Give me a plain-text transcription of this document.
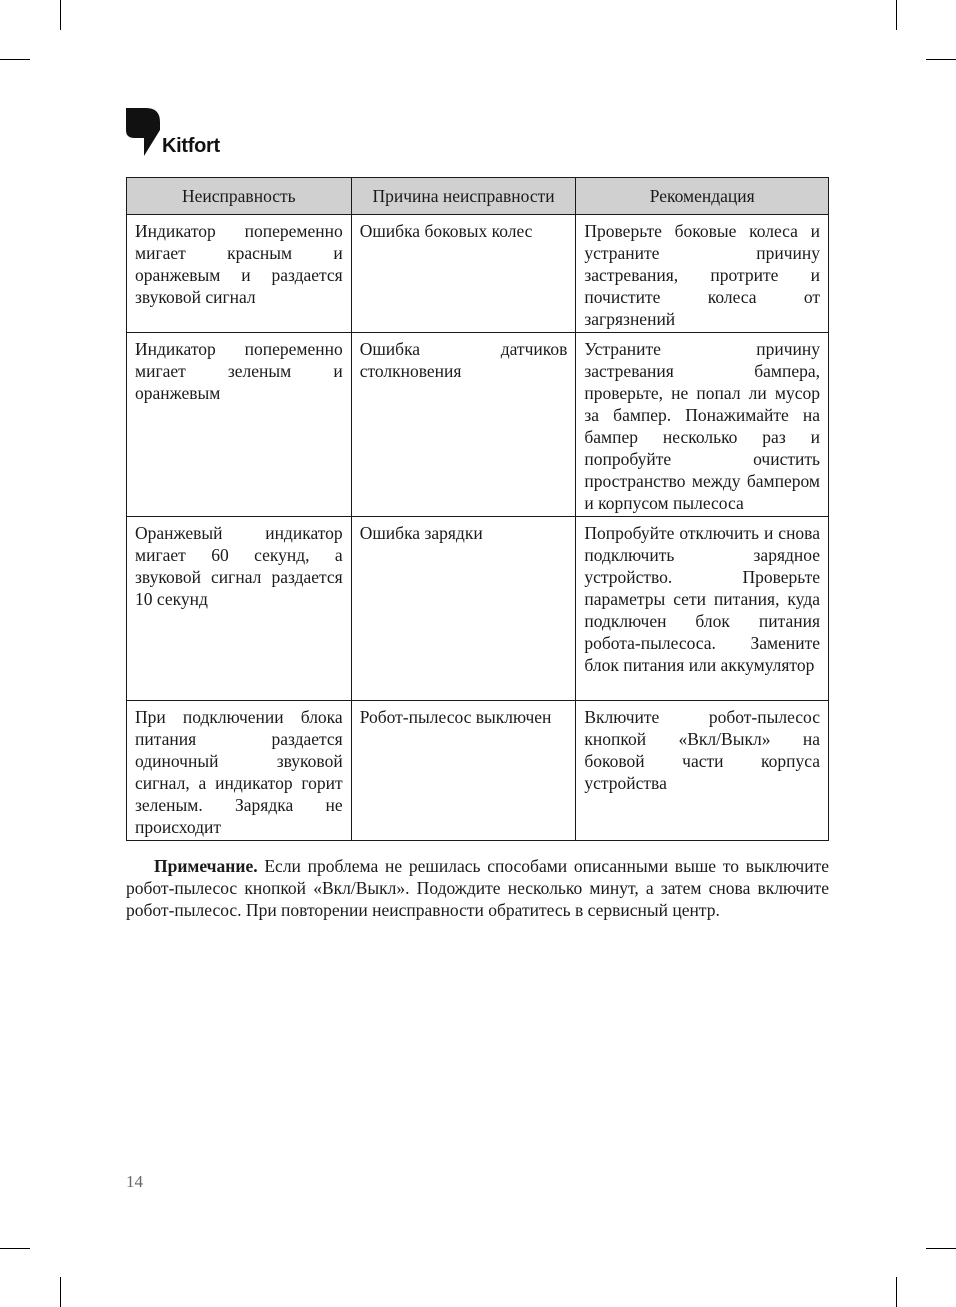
Kitfort
Неисправность	Причина неисправности	Рекомендация
Индикатор попеременно мигает красным и оранжевым и раздается звуковой сигнал	Ошибка боковых колес	Проверьте боковые колеса и устраните причину застревания, протрите и почистите колеса от загрязнений
Индикатор попеременно мигает зеленым и оранжевым	Ошибка датчиков столкновения	Устраните причину застревания бампера, проверьте, не попал ли мусор за бампер. Понажимайте на бампер несколько раз и попробуйте очистить пространство между бампером и корпусом пылесоса
Оранжевый индикатор мигает 60 секунд, а звуковой сигнал раздается 10 секунд	Ошибка зарядки	Попробуйте отключить и снова подключить зарядное устройство. Проверьте параметры сети питания, куда подключен блок питания робота-пылесоса. Замените блок питания или аккумулятор
При подключении блока питания раздается одиночный звуковой сигнал, а индикатор горит зеленым. Зарядка не происходит	Робот-пылесос выключен	Включите робот-пылесос кнопкой «Вкл/Выкл» на боковой части корпуса устройства

Примечание. Если проблема не решилась способами описанными выше то выключите робот-пылесос кнопкой «Вкл/Выкл». Подождите несколько минут, а затем снова включите робот-пылесос. При повторении неисправности обратитесь в сервисный центр.

14
